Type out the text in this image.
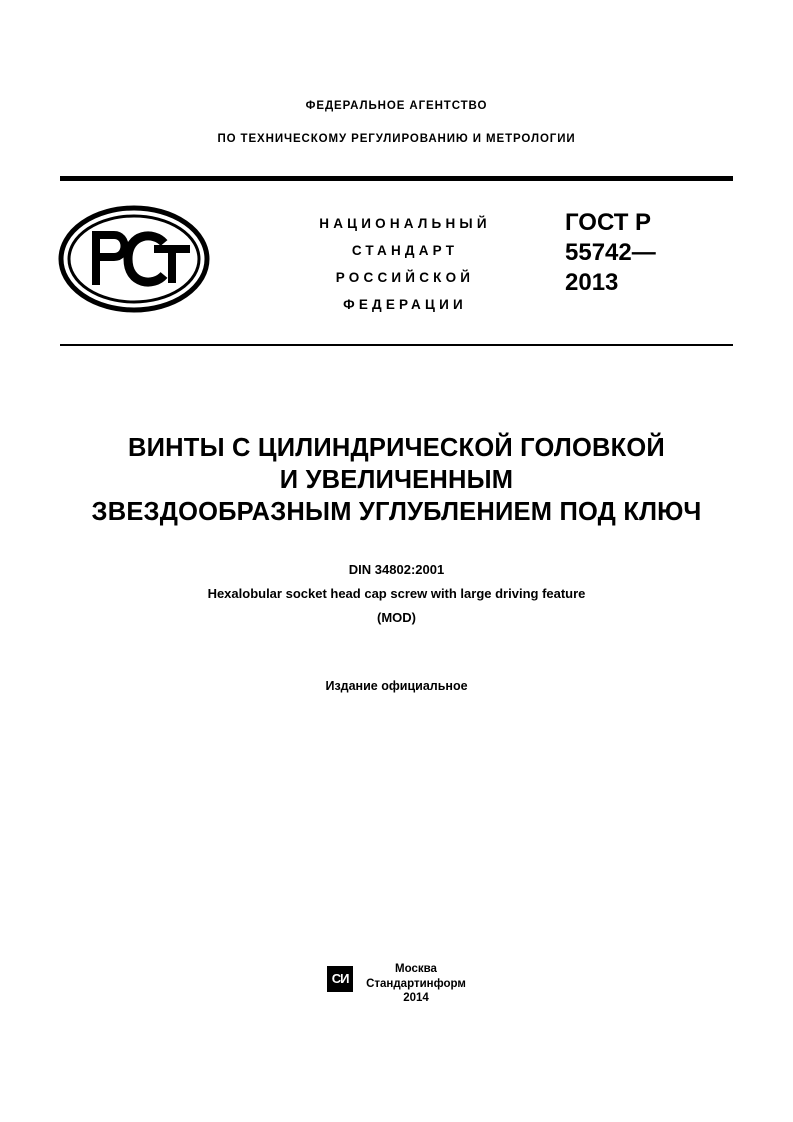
ФЕДЕРАЛЬНОЕ АГЕНТСТВО
ПО ТЕХНИЧЕСКОМУ РЕГУЛИРОВАНИЮ И МЕТРОЛОГИИ
НАЦИОНАЛЬНЫЙ
СТАНДАРТ
РОССИЙСКОЙ
ФЕДЕРАЦИИ
ГОСТ Р
55742—
2013
ВИНТЫ С ЦИЛИНДРИЧЕСКОЙ ГОЛОВКОЙ
И УВЕЛИЧЕННЫМ
ЗВЕЗДООБРАЗНЫМ УГЛУБЛЕНИЕМ ПОД КЛЮЧ
DIN 34802:2001
Hexalobular socket head cap screw with large driving feature
(MOD)
Издание официальное
СИ
Москва
Стандартинформ
2014
